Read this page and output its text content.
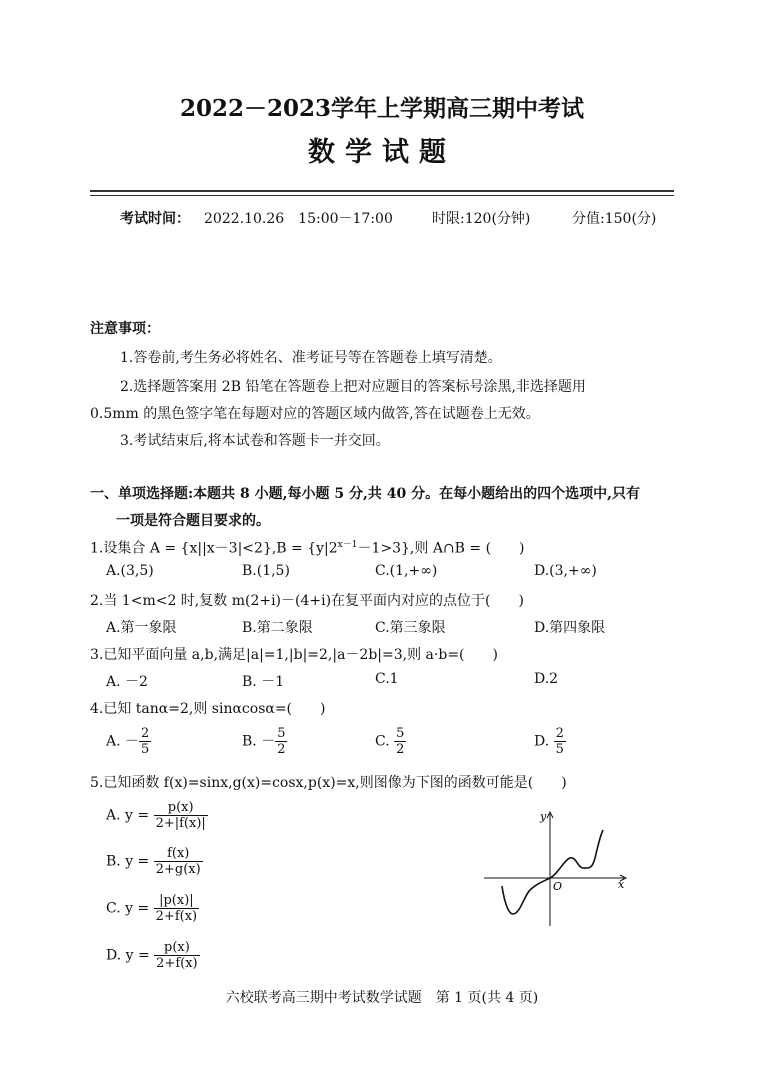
2022－2023学年上学期高三期中考试
数学试题
考试时间： 2022.10.26　15:00－17:00	时限:120(分钟)	分值:150(分)
注意事项：
1.答卷前,考生务必将姓名、准考证号等在答题卷上填写清楚。
2.选择题答案用 2B 铅笔在答题卷上把对应题目的答案标号涂黑,非选择题用
0.5mm 的黑色签字笔在每题对应的答题区域内做答,答在试题卷上无效。
3.考试结束后,将本试卷和答题卡一并交回。
一、单项选择题:本题共 8 小题,每小题 5 分,共 40 分。在每小题给出的四个选项中,只有
一项是符合题目要求的。
1.设集合 $A = \{x||x-3|<2\},B = \{y|2^{x-1}-1>3\}$,则 A∩B = (　　)
A.(3,5)	B.(1,5)	C.(1,+∞)	D.(3,+∞)
2.当 1<m<2 时,复数 m(2+i)－(4+i)在复平面内对应的点位于(　　)
A.第一象限	B.第二象限	C.第三象限	D.第四象限
3.已知平面向量 a,b,满足|a|=1,|b|=2,|a－2b|=3,则 a·b=(　　)
A. －2	B. －1	C.1	D.2
4.已知 tanα=2,则 sinαcosα=(　　)
A. － $\frac{2}{5}$	B. － $\frac{5}{2}$	C. $\frac{5}{2}$	D. $\frac{2}{5}$
5.已知函数 f(x)=sinx,g(x)=cosx,p(x)=x,则图像为下图的函数可能是(　　)
A. $y = \frac{p(x)}{2+|f(x)|}$
B. $y = \frac{f(x)}{2+g(x)}$
C. $y = \frac{|p(x)|}{2+f(x)}$
D. $y = \frac{p(x)}{2+f(x)}$
y
x
O
六校联考高三期中考试数学试题　第 1 页(共 4 页)
